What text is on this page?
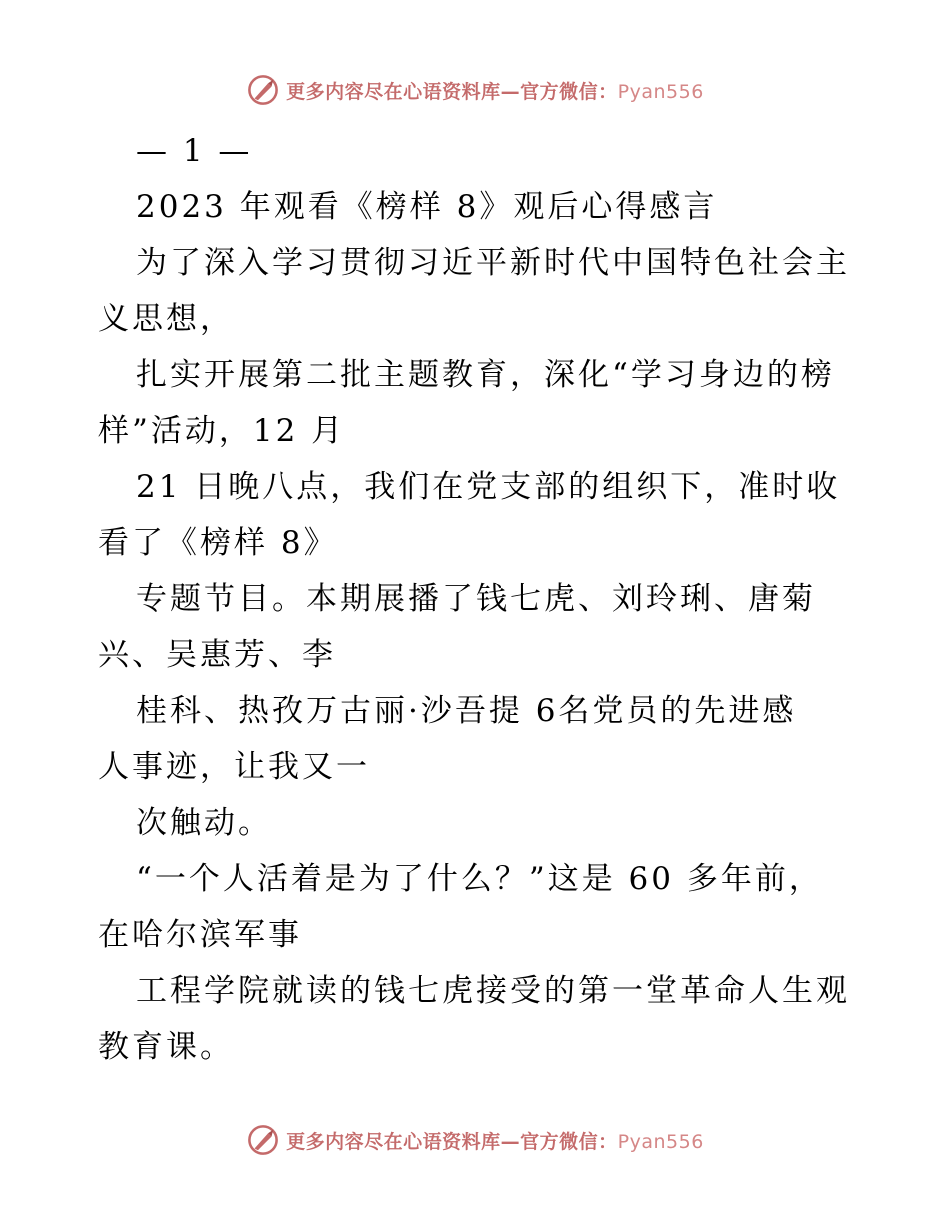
更多内容尽在心语资料库—官方微信：Pyan556
— 1 —
2023 年观看《榜样 8》观后心得感言
为了深入学习贯彻习近平新时代中国特色社会主
义思想，
扎实开展第二批主题教育，深化“学习身边的榜
样”活动，12 月
21 日晚八点，我们在党支部的组织下，准时收
看了《榜样 8》
专题节目。本期展播了钱七虎、刘玲琍、唐菊
兴、吴惠芳、李
桂科、热孜万古丽·沙吾提 6名党员的先进感
人事迹，让我又一
次触动。
“一个人活着是为了什么？”这是 60 多年前，
在哈尔滨军事
工程学院就读的钱七虎接受的第一堂革命人生观
教育课。
更多内容尽在心语资料库—官方微信：Pyan556
